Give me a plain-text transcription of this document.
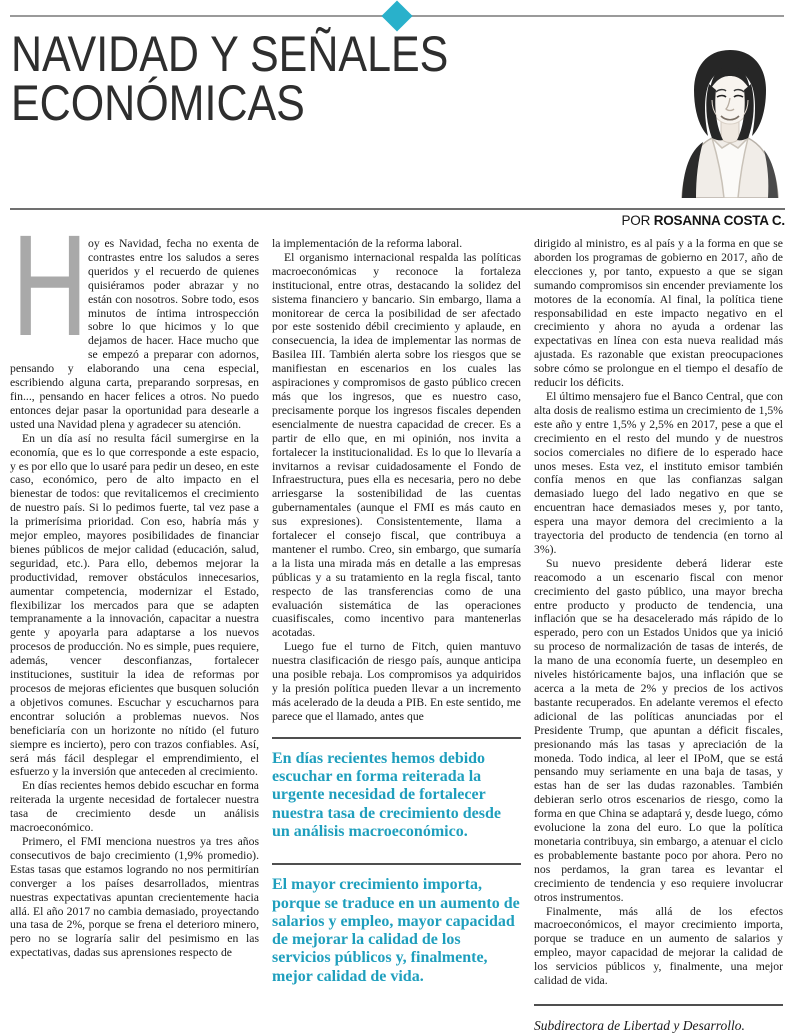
NAVIDAD Y SEÑALES
ECONÓMICAS
POR ROSANNA COSTA C.

H
oy es Navidad, fecha no exenta de contrastes entre los saludos a seres queridos y el recuerdo de quienes quisiéramos poder abrazar y no están con nosotros. Sobre todo, esos minutos de íntima introspección sobre lo que hicimos y lo que dejamos de hacer. Hace mucho que se empezó a preparar con adornos, pensando y elaborando una cena especial, escribiendo alguna carta, preparando sorpresas, en fin..., pensando en hacer felices a otros. No puedo entonces dejar pasar la oportunidad para desearle a usted una Navidad plena y agradecer su atención.

En un día así no resulta fácil sumergirse en la economía, que es lo que corresponde a este espacio, y es por ello que lo usaré para pedir un deseo, en este caso, económico, pero de alto impacto en el bienestar de todos: que revitalicemos el crecimiento de nuestro país. Si lo pedimos fuerte, tal vez pase a la primerísima prioridad. Con eso, habría más y mejor empleo, mayores posibilidades de financiar bienes públicos de mejor calidad (educación, salud, seguridad, etc.). Para ello, debemos mejorar la productividad, remover obstáculos innecesarios, aumentar competencia, modernizar el Estado, flexibilizar los mercados para que se adapten tempranamente a la innovación, capacitar a nuestra gente y apoyarla para adaptarse a los nuevos procesos de producción. No es simple, pues requiere, además, vencer desconfianzas, fortalecer instituciones, sustituir la idea de reformas por procesos de mejoras eficientes que busquen solución a objetivos comunes. Escuchar y escucharnos para encontrar solución a problemas nuevos. Nos beneficiaría con un horizonte no nítido (el futuro siempre es incierto), pero con trazos confiables. Así, será más fácil desplegar el emprendimiento, el esfuerzo y la inversión que anteceden al crecimiento.

En días recientes hemos debido escuchar en forma reiterada la urgente necesidad de fortalecer nuestra tasa de crecimiento desde un análisis macroeconómico.

Primero, el FMI menciona nuestros ya tres años consecutivos de bajo crecimiento (1,9% promedio). Estas tasas que estamos logrando no nos permitirían converger a los países desarrollados, mientras nuestras expectativas apuntan crecientemente hacia allá. El año 2017 no cambia demasiado, proyectando una tasa de 2%, porque se frena el deterioro minero, pero no se lograría salir del pesimismo en las expectativas, dadas sus aprensiones respecto de

la implementación de la reforma laboral.

El organismo internacional respalda las políticas macroeconómicas y reconoce la fortaleza institucional, entre otras, destacando la solidez del sistema financiero y bancario. Sin embargo, llama a monitorear de cerca la posibilidad de ser afectado por este sostenido débil crecimiento y aplaude, en consecuencia, la idea de implementar las normas de Basilea III. También alerta sobre los riesgos que se manifiestan en escenarios en los cuales las aspiraciones y compromisos de gasto público crecen más que los ingresos, que es nuestro caso, precisamente porque los ingresos fiscales dependen esencialmente de nuestra capacidad de crecer. Es a partir de ello que, en mi opinión, nos invita a fortalecer la institucionalidad. Es lo que lo llevaría a invitarnos a revisar cuidadosamente el Fondo de Infraestructura, pues ella es necesaria, pero no debe arriesgarse la sostenibilidad de las cuentas gubernamentales (aunque el FMI es más cauto en sus expresiones). Consistentemente, llama a fortalecer el consejo fiscal, que contribuya a mantener el rumbo. Creo, sin embargo, que sumaría a la lista una mirada más en detalle a las empresas públicas y a su tratamiento en la regla fiscal, tanto respecto de las transferencias como de una evaluación sistemática de las operaciones cuasifiscales, como incentivo para mantenerlas acotadas.

Luego fue el turno de Fitch, quien mantuvo nuestra clasificación de riesgo país, aunque anticipa una posible rebaja. Los compromisos ya adquiridos y la presión política pueden llevar a un incremento más acelerado de la deuda a PIB. En este sentido, me parece que el llamado, antes que

En días recientes hemos debido escuchar en forma reiterada la urgente necesidad de fortalecer nuestra tasa de crecimiento desde un análisis macroeconómico.
El mayor crecimiento importa, porque se traduce en un aumento de salarios y empleo, mayor capacidad de mejorar la calidad de los servicios públicos y, finalmente, mejor calidad de vida.

dirigido al ministro, es al país y a la forma en que se aborden los programas de gobierno en 2017, año de elecciones y, por tanto, expuesto a que se sigan sumando compromisos sin encender previamente los motores de la economía. Al final, la política tiene responsabilidad en este impacto negativo en el crecimiento y ahora no ayuda a ordenar las expectativas en línea con esta nueva realidad más ajustada. Es razonable que existan preocupaciones sobre cómo se prolongue en el tiempo el desafío de reducir los déficits.

El último mensajero fue el Banco Central, que con alta dosis de realismo estima un crecimiento de 1,5% este año y entre 1,5% y 2,5% en 2017, pese a que el crecimiento en el resto del mundo y de nuestros socios comerciales no difiere de lo esperado hace unos meses. Esta vez, el instituto emisor también confía menos en que las confianzas salgan demasiado luego del lado negativo en que se encuentran hace demasiados meses y, por tanto, espera una mayor demora del crecimiento a la trayectoria del producto de tendencia (en torno al 3%).

Su nuevo presidente deberá liderar este reacomodo a un escenario fiscal con menor crecimiento del gasto público, una mayor brecha entre producto y producto de tendencia, una inflación que se ha desacelerado más rápido de lo esperado, pero con un Estados Unidos que ya inició su proceso de normalización de tasas de interés, de la mano de una economía fuerte, un desempleo en niveles históricamente bajos, una inflación que se acerca a la meta de 2% y precios de los activos bastante recuperados. En adelante veremos el efecto adicional de las políticas anunciadas por el Presidente Trump, que apuntan a déficit fiscales, presionando más las tasas y apreciación de la moneda. Todo indica, al leer el IPoM, que se está pensando muy seriamente en una baja de tasas, y estas han de ser las dudas razonables. También debieran serlo otros escenarios de riesgo, como la forma en que China se adaptará y, desde luego, cómo evolucione la zona del euro. Lo que la política monetaria contribuya, sin embargo, a atenuar el ciclo es probablemente bastante poco por ahora. Pero no nos perdamos, la gran tarea es levantar el crecimiento de tendencia y eso requiere involucrar otros instrumentos.

Finalmente, más allá de los efectos macroeconómicos, el mayor crecimiento importa, porque se traduce en un aumento de salarios y empleo, mayor capacidad de mejorar la calidad de los servicios públicos y, finalmente, una mejor calidad de vida.

Subdirectora de Libertad y Desarrollo.
